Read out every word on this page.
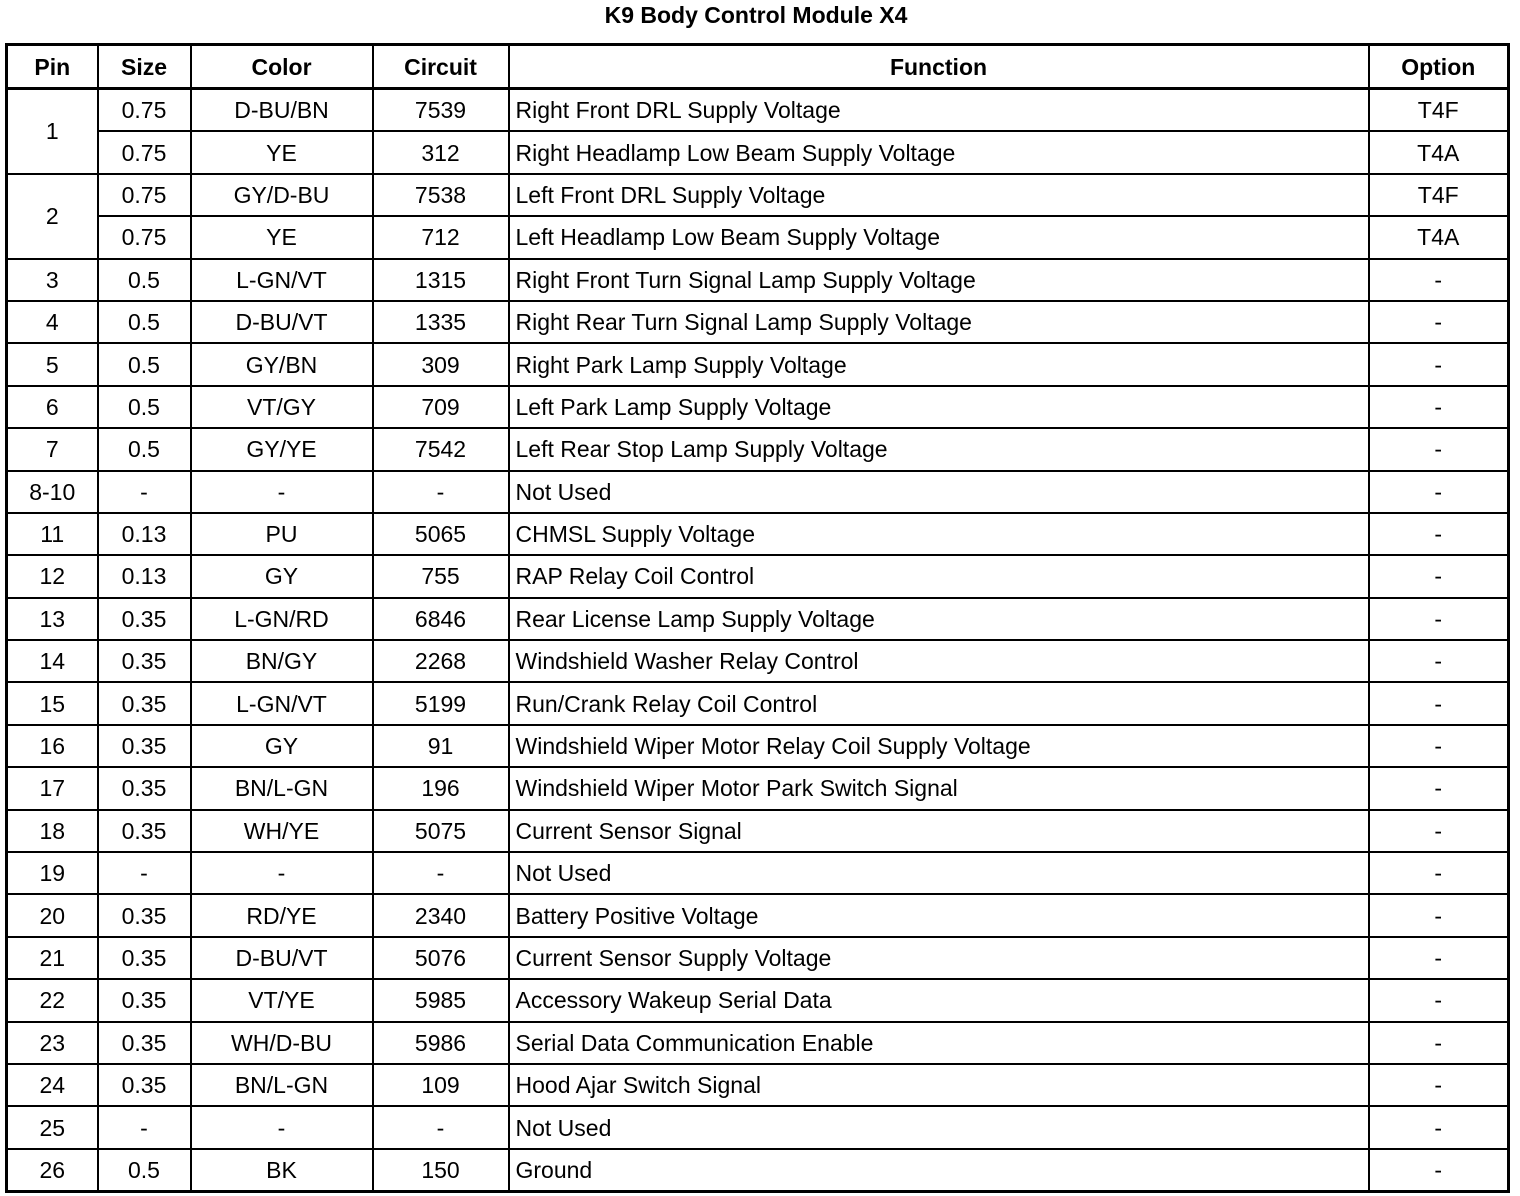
K9 Body Control Module X4
Pin	Size	Color	Circuit	Function	Option
1	0.75	D-BU/BN	7539	Right Front DRL Supply Voltage	T4F
	0.75	YE	312	Right Headlamp Low Beam Supply Voltage	T4A
2	0.75	GY/D-BU	7538	Left Front DRL Supply Voltage	T4F
	0.75	YE	712	Left Headlamp Low Beam Supply Voltage	T4A
3	0.5	L-GN/VT	1315	Right Front Turn Signal Lamp Supply Voltage	-
4	0.5	D-BU/VT	1335	Right Rear Turn Signal Lamp Supply Voltage	-
5	0.5	GY/BN	309	Right Park Lamp Supply Voltage	-
6	0.5	VT/GY	709	Left Park Lamp Supply Voltage	-
7	0.5	GY/YE	7542	Left Rear Stop Lamp Supply Voltage	-
8-10	-	-	-	Not Used	-
11	0.13	PU	5065	CHMSL Supply Voltage	-
12	0.13	GY	755	RAP Relay Coil Control	-
13	0.35	L-GN/RD	6846	Rear License Lamp Supply Voltage	-
14	0.35	BN/GY	2268	Windshield Washer Relay Control	-
15	0.35	L-GN/VT	5199	Run/Crank Relay Coil Control	-
16	0.35	GY	91	Windshield Wiper Motor Relay Coil Supply Voltage	-
17	0.35	BN/L-GN	196	Windshield Wiper Motor Park Switch Signal	-
18	0.35	WH/YE	5075	Current Sensor Signal	-
19	-	-	-	Not Used	-
20	0.35	RD/YE	2340	Battery Positive Voltage	-
21	0.35	D-BU/VT	5076	Current Sensor Supply Voltage	-
22	0.35	VT/YE	5985	Accessory Wakeup Serial Data	-
23	0.35	WH/D-BU	5986	Serial Data Communication Enable	-
24	0.35	BN/L-GN	109	Hood Ajar Switch Signal	-
25	-	-	-	Not Used	-
26	0.5	BK	150	Ground	-
